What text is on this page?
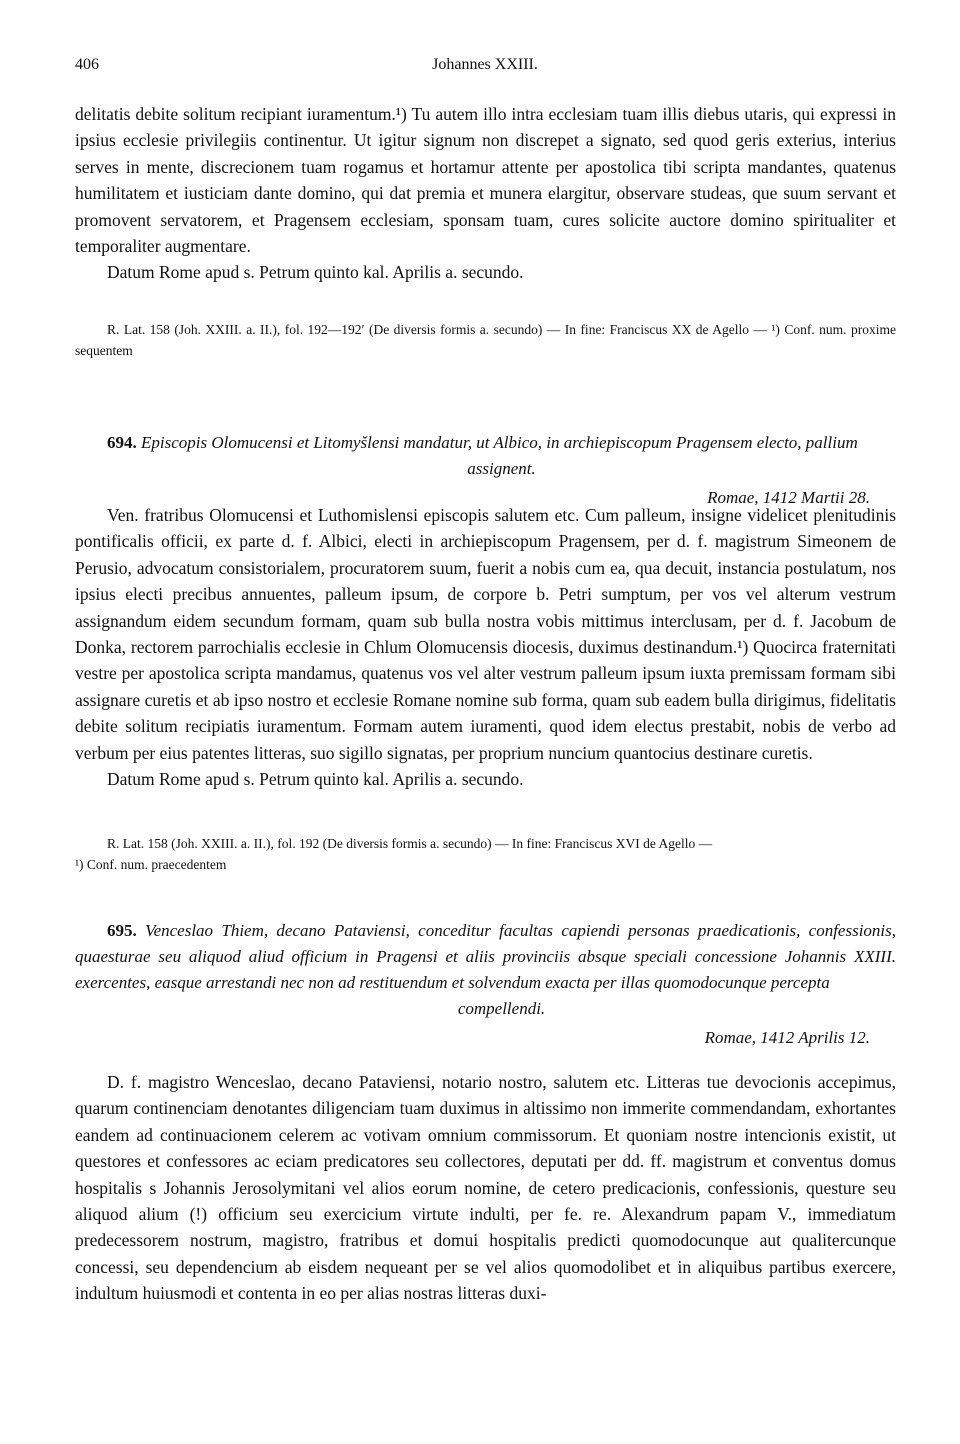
406	Johannes XXIII.

delitatis debite solitum recipiant iuramentum.¹) Tu autem illo intra ecclesiam tuam illis diebus utaris, qui expressi in ipsius ecclesie privilegiis continentur. Ut igitur signum non discrepet a signato, sed quod geris exterius, interius serves in mente, discrecionem tuam rogamus et hortamur attente per apostolica tibi scripta mandantes, quatenus humilitatem et iusticiam dante domino, qui dat premia et munera elargitur, observare studeas, que suum servant et promovent servatorem, et Pragensem ecclesiam, sponsam tuam, cures solicite auctore domino spiritualiter et temporaliter augmentare.

Datum Rome apud s. Petrum quinto kal. Aprilis a. secundo.

R. Lat. 158 (Joh. XXIII. a. II.), fol. 192—192′ (De diversis formis a. secundo) — In fine: Franciscus XX de Agello — ¹) Conf. num. proxime sequentem

694. Episcopis Olomucensi et Litomyšlensi mandatur, ut Albico, in archiepiscopum Pragensem electo, pallium
assignent.

Romae, 1412 Martii 28.

Ven. fratribus Olomucensi et Luthomislensi episcopis salutem etc. Cum palleum, insigne videlicet plenitudinis pontificalis officii, ex parte d. f. Albici, electi in archiepiscopum Pragensem, per d. f. magistrum Simeonem de Perusio, advocatum consistorialem, procuratorem suum, fuerit a nobis cum ea, qua decuit, instancia postulatum, nos ipsius electi precibus annuentes, palleum ipsum, de corpore b. Petri sumptum, per vos vel alterum vestrum assignandum eidem secundum formam, quam sub bulla nostra vobis mittimus interclusam, per d. f. Jacobum de Donka, rectorem parrochialis ecclesie in Chlum Olomucensis diocesis, duximus destinandum.¹) Quocirca fraternitati vestre per apostolica scripta mandamus, quatenus vos vel alter vestrum palleum ipsum iuxta premissam formam sibi assignare curetis et ab ipso nostro et ecclesie Romane nomine sub forma, quam sub eadem bulla dirigimus, fidelitatis debite solitum recipiatis iuramentum. Formam autem iuramenti, quod idem electus prestabit, nobis de verbo ad verbum per eius patentes litteras, suo sigillo signatas, per proprium nuncium quantocius destinare curetis.

Datum Rome apud s. Petrum quinto kal. Aprilis a. secundo.

R. Lat. 158 (Joh. XXIII. a. II.), fol. 192 (De diversis formis a. secundo) — In fine: Franciscus XVI de Agello —

¹) Conf. num. praecedentem

695. Venceslao Thiem, decano Pataviensi, conceditur facultas capiendi personas praedicationis, confessionis, quaesturae seu aliquod aliud officium in Pragensi et aliis provinciis absque speciali concessione Johannis XXIII. exercentes, easque arrestandi nec non ad restituendum et solvendum exacta per illas quomodocunque percepta
compellendi.

Romae, 1412 Aprilis 12.

D. f. magistro Wenceslao, decano Pataviensi, notario nostro, salutem etc. Litteras tue devocionis accepimus, quarum continenciam denotantes diligenciam tuam duximus in altissimo non immerite commendandam, exhortantes eandem ad continuacionem celerem ac votivam omnium commissorum. Et quoniam nostre intencionis existit, ut questores et confessores ac eciam predicatores seu collectores, deputati per dd. ff. magistrum et conventus domus hospitalis s Johannis Jerosolymitani vel alios eorum nomine, de cetero predicacionis, confessionis, questure seu aliquod alium (!) officium seu exercicium virtute indulti, per fe. re. Alexandrum papam V., immediatum predecessorem nostrum, magistro, fratribus et domui hospitalis predicti quomodocunque aut qualitercunque concessi, seu dependencium ab eisdem nequeant per se vel alios quomodolibet et in aliquibus partibus exercere, indultum huiusmodi et contenta in eo per alias nostras litteras duxi-
